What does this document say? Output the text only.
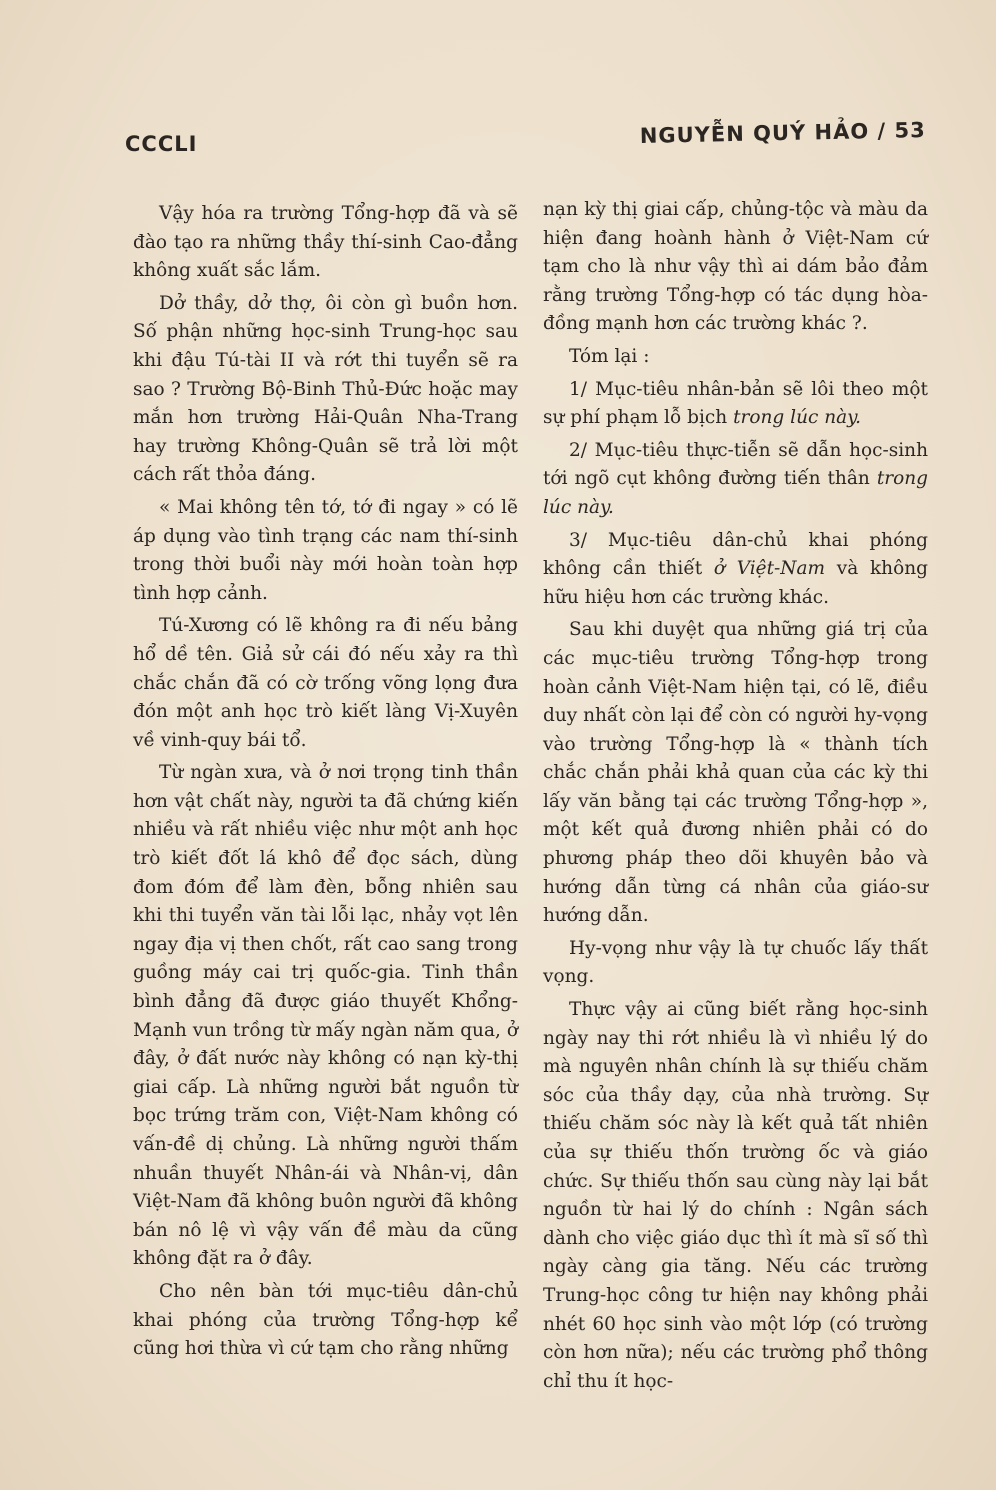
CCCLI	NGUYỄN QUÝ HẢO / 53

Vậy hóa ra trường Tổng-hợp đã và sẽ đào tạo ra những thầy thí-sinh Cao-đẳng không xuất sắc lắm.

Dở thầy, dở thợ, ôi còn gì buồn hơn. Số phận những học-sinh Trung-học sau khi đậu Tú-tài II và rớt thi tuyển sẽ ra sao ? Trường Bộ-Binh Thủ-Đức hoặc may mắn hơn trường Hải-Quân Nha-Trang hay trường Không-Quân sẽ trả lời một cách rất thỏa đáng.

« Mai không tên tớ, tớ đi ngay » có lẽ áp dụng vào tình trạng các nam thí-sinh trong thời buổi này mới hoàn toàn hợp tình hợp cảnh.

Tú-Xương có lẽ không ra đi nếu bảng hổ dề tên. Giả sử cái đó nếu xảy ra thì chắc chắn đã có cờ trống võng lọng đưa đón một anh học trò kiết làng Vị-Xuyên về vinh-quy bái tổ.

Từ ngàn xưa, và ở nơi trọng tinh thần hơn vật chất này, người ta đã chứng kiến nhiều và rất nhiều việc như một anh học trò kiết đốt lá khô để đọc sách, dùng đom đóm để làm đèn, bỗng nhiên sau khi thi tuyển văn tài lỗi lạc, nhảy vọt lên ngay địa vị then chốt, rất cao sang trong guồng máy cai trị quốc-gia. Tinh thần bình đẳng đã được giáo thuyết Khổng-Mạnh vun trồng từ mấy ngàn năm qua, ở đây, ở đất nước này không có nạn kỳ-thị giai cấp. Là những người bắt nguồn từ bọc trứng trăm con, Việt-Nam không có vấn-đề dị chủng. Là những người thấm nhuần thuyết Nhân-ái và Nhân-vị, dân Việt-Nam đã không buôn người đã không bán nô lệ vì vậy vấn đề màu da cũng không đặt ra ở đây.

Cho nên bàn tới mục-tiêu dân-chủ khai phóng của trường Tổng-hợp kể cũng hơi thừa vì cứ tạm cho rằng những

nạn kỳ thị giai cấp, chủng-tộc và màu da hiện đang hoành hành ở Việt-Nam cứ tạm cho là như vậy thì ai dám bảo đảm rằng trường Tổng-hợp có tác dụng hòa-đồng mạnh hơn các trường khác ?.

Tóm lại :

1/ Mục-tiêu nhân-bản sẽ lôi theo một sự phí phạm lỗ bịch trong lúc này.

2/ Mục-tiêu thực-tiễn sẽ dẫn học-sinh tới ngõ cụt không đường tiến thân trong lúc này.

3/ Mục-tiêu dân-chủ khai phóng không cần thiết ở Việt-Nam và không hữu hiệu hơn các trường khác.

Sau khi duyệt qua những giá trị của các mục-tiêu trường Tổng-hợp trong hoàn cảnh Việt-Nam hiện tại, có lẽ, điều duy nhất còn lại để còn có người hy-vọng vào trường Tổng-hợp là « thành tích chắc chắn phải khả quan của các kỳ thi lấy văn bằng tại các trường Tổng-hợp », một kết quả đương nhiên phải có do phương pháp theo dõi khuyên bảo và hướng dẫn từng cá nhân của giáo-sư hướng dẫn.

Hy-vọng như vậy là tự chuốc lấy thất vọng.

Thực vậy ai cũng biết rằng học-sinh ngày nay thi rớt nhiều là vì nhiều lý do mà nguyên nhân chính là sự thiếu chăm sóc của thầy dạy, của nhà trường. Sự thiếu chăm sóc này là kết quả tất nhiên của sự thiếu thốn trường ốc và giáo chức. Sự thiếu thốn sau cùng này lại bắt nguồn từ hai lý do chính : Ngân sách dành cho việc giáo dục thì ít mà sĩ số thì ngày càng gia tăng. Nếu các trường Trung-học công tư hiện nay không phải nhét 60 học sinh vào một lớp (có trường còn hơn nữa); nếu các trường phổ thông chỉ thu ít học-
